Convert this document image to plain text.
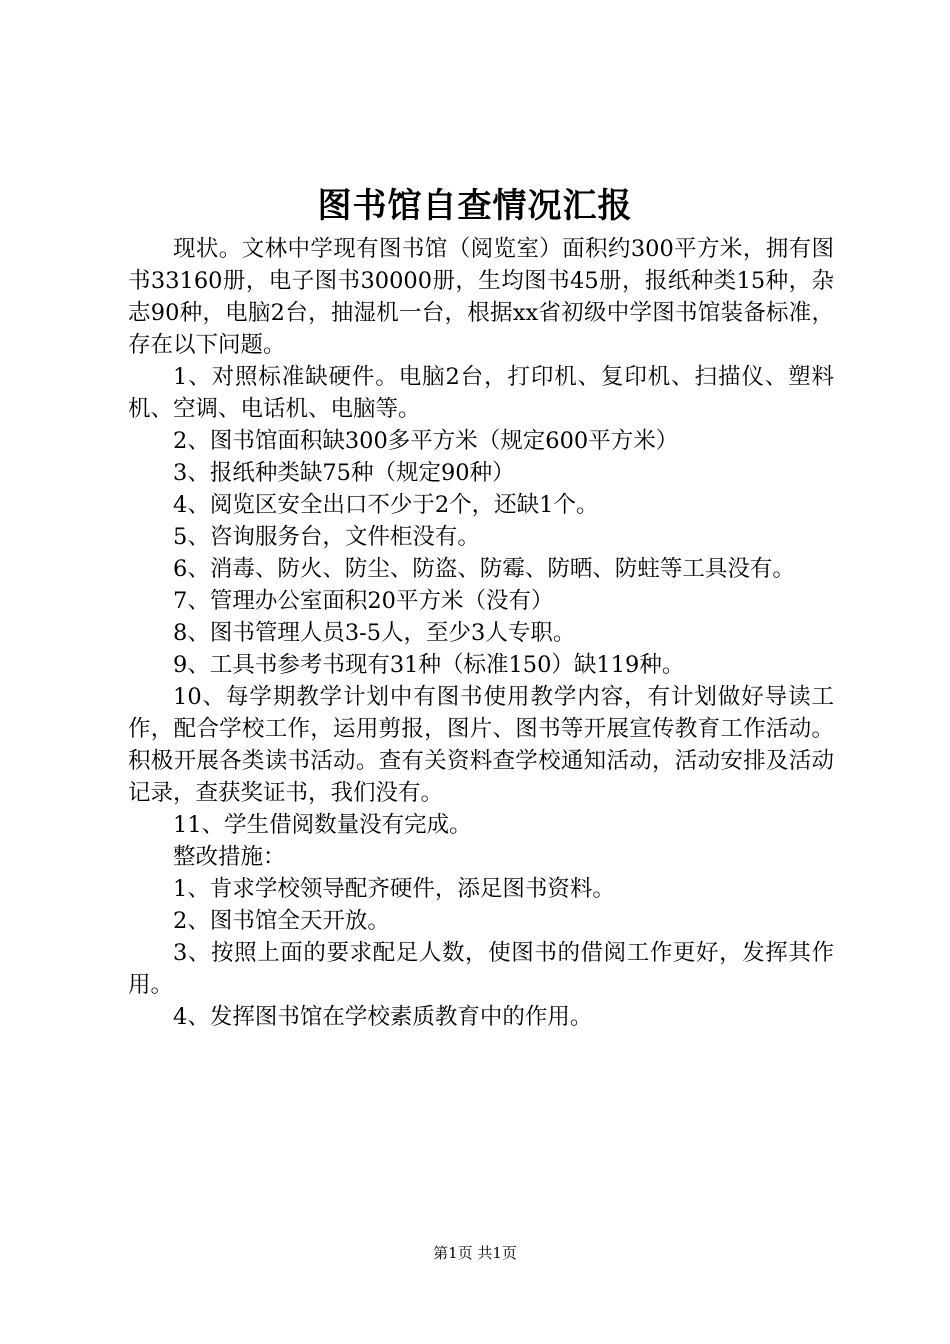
图书馆自查情况汇报

现状。文林中学现有图书馆（阅览室）面积约300平方米，拥有图书33160册，电子图书30000册，生均图书45册，报纸种类15种，杂志90种，电脑2台，抽湿机一台，根据xx省初级中学图书馆装备标准，存在以下问题。

1、对照标准缺硬件。电脑2台，打印机、复印机、扫描仪、塑料机、空调、电话机、电脑等。

2、图书馆面积缺300多平方米（规定600平方米）

3、报纸种类缺75种（规定90种）

4、阅览区安全出口不少于2个，还缺1个。

5、咨询服务台，文件柜没有。

6、消毒、防火、防尘、防盗、防霉、防晒、防蛀等工具没有。

7、管理办公室面积20平方米（没有）

8、图书管理人员3-5人，至少3人专职。

9、工具书参考书现有31种（标准150）缺119种。

10、每学期教学计划中有图书使用教学内容，有计划做好导读工作，配合学校工作，运用剪报，图片、图书等开展宣传教育工作活动。积极开展各类读书活动。查有关资料查学校通知活动，活动安排及活动记录，查获奖证书，我们没有。

11、学生借阅数量没有完成。

整改措施：

1、肯求学校领导配齐硬件，添足图书资料。

2、图书馆全天开放。

3、按照上面的要求配足人数，使图书的借阅工作更好，发挥其作用。

4、发挥图书馆在学校素质教育中的作用。

第1页 共1页
